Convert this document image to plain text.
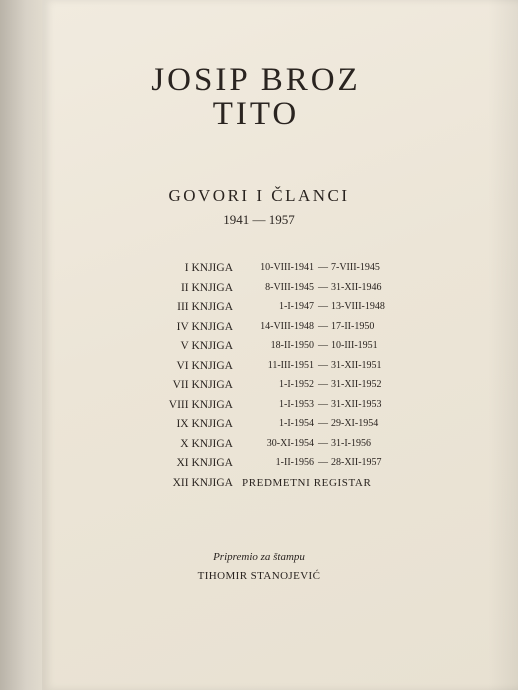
JOSIP BROZ
TITO
GOVORI I ČLANCI
1941 — 1957
I KNJIGA	10-VIII-1941 — 7-VIII-1945
II KNJIGA	8-VIII-1945 — 31-XII-1946
III KNJIGA	1-I-1947 — 13-VIII-1948
IV KNJIGA	14-VIII-1948 — 17-II-1950
V KNJIGA	18-II-1950 — 10-III-1951
VI KNJIGA	11-III-1951 — 31-XII-1951
VII KNJIGA	1-I-1952 — 31-XII-1952
VIII KNJIGA	1-I-1953 — 31-XII-1953
IX KNJIGA	1-I-1954 — 29-XI-1954
X KNJIGA	30-XI-1954 — 31-I-1956
XI KNJIGA	1-II-1956 — 28-XII-1957
XII KNJIGA PREDMETNI REGISTAR
Pripremio za štampu
TIHOMIR STANOJEVIĆ
